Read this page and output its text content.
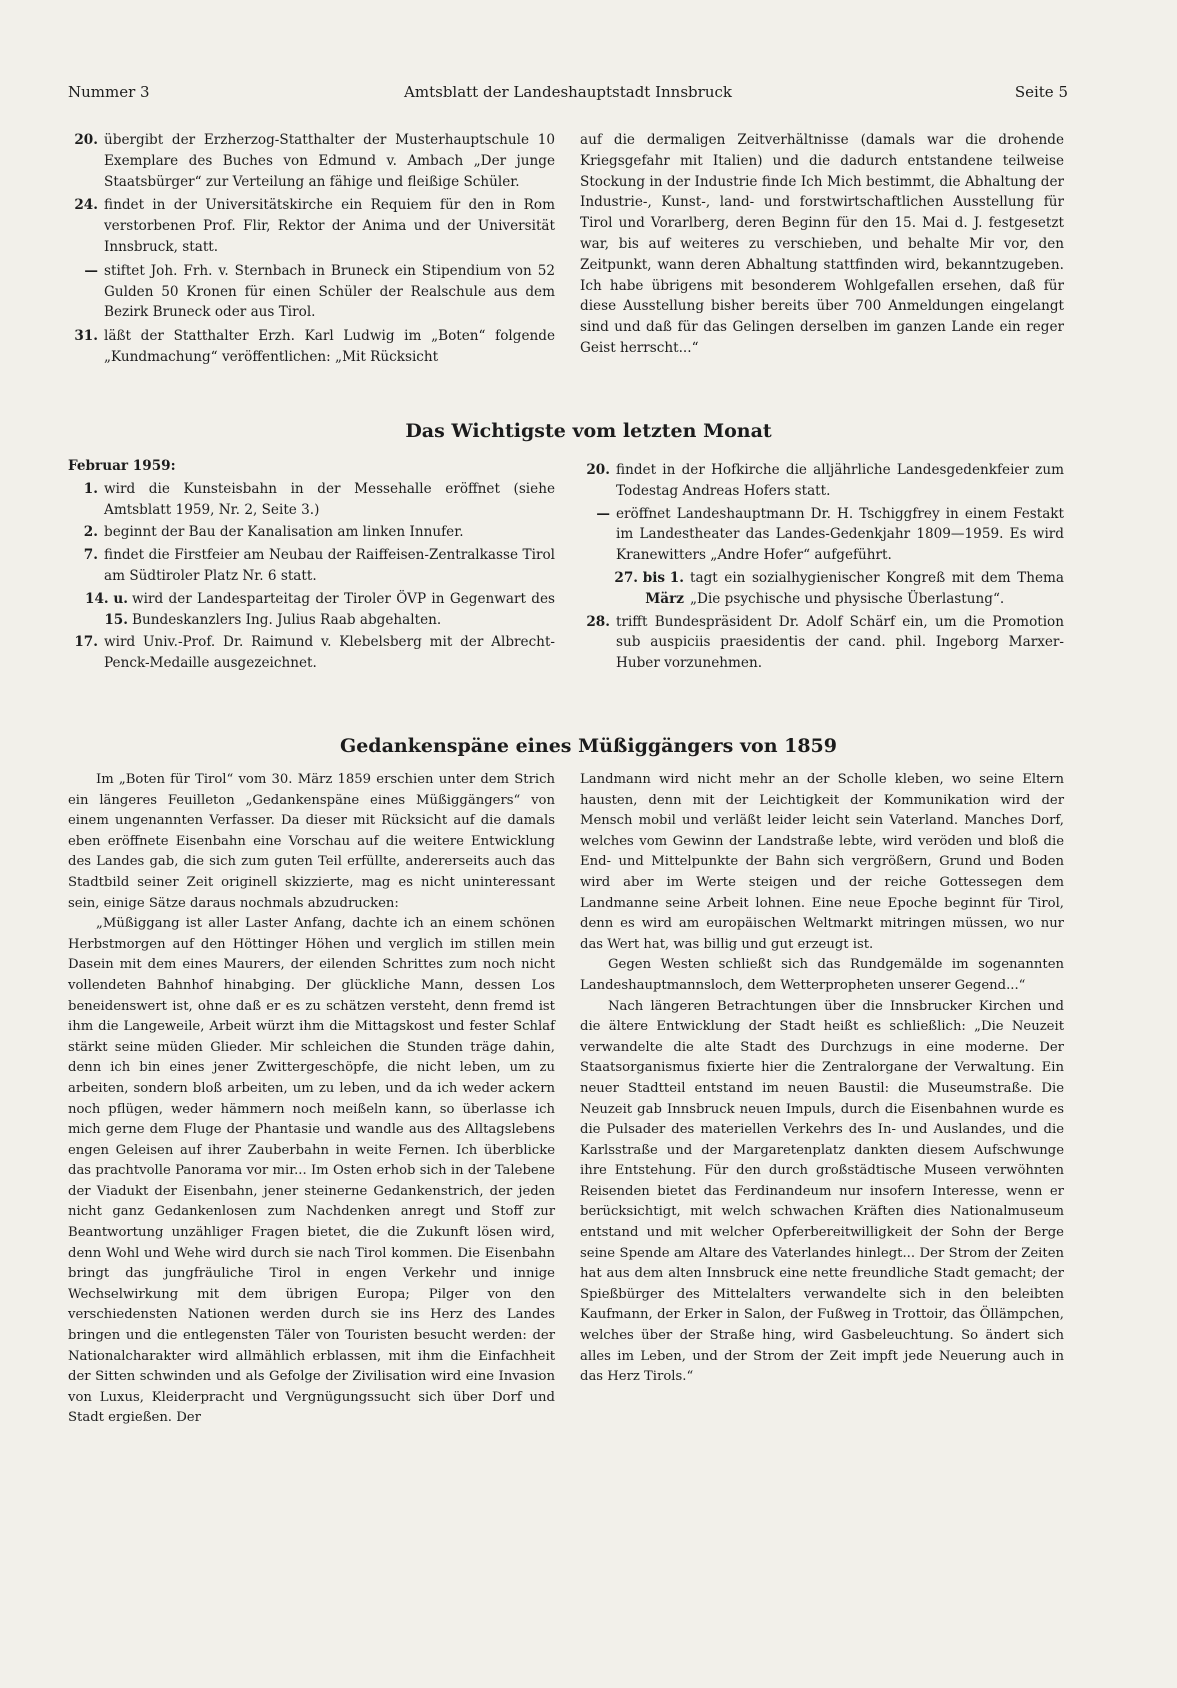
Nummer 3	Amtsblatt der Landeshauptstadt Innsbruck	Seite 5
20. übergibt der Erzherzog-Statthalter der Musterhauptschule 10 Exemplare des Buches von Edmund v. Ambach „Der junge Staatsbürger“ zur Verteilung an fähige und fleißige Schüler.
24. findet in der Universitätskirche ein Requiem für den in Rom verstorbenen Prof. Flir, Rektor der Anima und der Universität Innsbruck, statt.
— stiftet Joh. Frh. v. Sternbach in Bruneck ein Stipendium von 52 Gulden 50 Kronen für einen Schüler der Realschule aus dem Bezirk Bruneck oder aus Tirol.
31. läßt der Statthalter Erzh. Karl Ludwig im „Boten“ folgende „Kundmachung“ veröffentlichen: „Mit Rücksicht

auf die dermaligen Zeitverhältnisse (damals war die drohende Kriegsgefahr mit Italien) und die dadurch entstandene teilweise Stockung in der Industrie finde Ich Mich bestimmt, die Abhaltung der Industrie-, Kunst-, land- und forstwirtschaftlichen Ausstellung für Tirol und Vorarlberg, deren Beginn für den 15. Mai d. J. festgesetzt war, bis auf weiteres zu verschieben, und behalte Mir vor, den Zeitpunkt, wann deren Abhaltung stattfinden wird, bekanntzugeben. Ich habe übrigens mit besonderem Wohlgefallen ersehen, daß für diese Ausstellung bisher bereits über 700 Anmeldungen eingelangt sind und daß für das Gelingen derselben im ganzen Lande ein reger Geist herrscht...“

Das Wichtigste vom letzten Monat
Februar 1959:
1. wird die Kunsteisbahn in der Messehalle eröffnet (siehe Amtsblatt 1959, Nr. 2, Seite 3.)
2. beginnt der Bau der Kanalisation am linken Innufer.
7. findet die Firstfeier am Neubau der Raiffeisen-Zentralkasse Tirol am Südtiroler Platz Nr. 6 statt.
14. u. 15.
wird der Landesparteitag der Tiroler ÖVP in Gegenwart des Bundeskanzlers Ing. Julius Raab abgehalten.
17. wird Univ.-Prof. Dr. Raimund v. Klebelsberg mit der Albrecht-Penck-Medaille ausgezeichnet.
20. findet in der Hofkirche die alljährliche Landesgedenkfeier zum Todestag Andreas Hofers statt.
— eröffnet Landeshauptmann Dr. H. Tschiggfrey in einem Festakt im Landestheater das Landes-Gedenkjahr 1809—1959. Es wird Kranewitters „Andre Hofer“ aufgeführt.
27. bis 1. März
tagt ein sozialhygienischer Kongreß mit dem Thema „Die psychische und physische Überlastung“.
28. trifft Bundespräsident Dr. Adolf Schärf ein, um die Promotion sub auspiciis praesidentis der cand. phil. Ingeborg Marxer-Huber vorzunehmen.
Gedankenspäne eines Müßiggängers von 1859

Im „Boten für Tirol“ vom 30. März 1859 erschien unter dem Strich ein längeres Feuilleton „Gedankenspäne eines Müßiggängers“ von einem ungenannten Verfasser. Da dieser mit Rücksicht auf die damals eben eröffnete Eisenbahn eine Vorschau auf die weitere Entwicklung des Landes gab, die sich zum guten Teil erfüllte, andererseits auch das Stadtbild seiner Zeit originell skizzierte, mag es nicht uninteressant sein, einige Sätze daraus nochmals abzudrucken:

„Müßiggang ist aller Laster Anfang, dachte ich an einem schönen Herbstmorgen auf den Höttinger Höhen und verglich im stillen mein Dasein mit dem eines Maurers, der eilenden Schrittes zum noch nicht vollendeten Bahnhof hinabging. Der glückliche Mann, dessen Los beneidenswert ist, ohne daß er es zu schätzen versteht, denn fremd ist ihm die Langeweile, Arbeit würzt ihm die Mittagskost und fester Schlaf stärkt seine müden Glieder. Mir schleichen die Stunden träge dahin, denn ich bin eines jener Zwittergeschöpfe, die nicht leben, um zu arbeiten, sondern bloß arbeiten, um zu leben, und da ich weder ackern noch pflügen, weder hämmern noch meißeln kann, so überlasse ich mich gerne dem Fluge der Phantasie und wandle aus des Alltagslebens engen Geleisen auf ihrer Zauberbahn in weite Fernen. Ich überblicke das prachtvolle Panorama vor mir... Im Osten erhob sich in der Talebene der Viadukt der Eisenbahn, jener steinerne Gedankenstrich, der jeden nicht ganz Gedankenlosen zum Nachdenken anregt und Stoff zur Beantwortung unzähliger Fragen bietet, die die Zukunft lösen wird, denn Wohl und Wehe wird durch sie nach Tirol kommen. Die Eisenbahn bringt das jungfräuliche Tirol in engen Verkehr und innige Wechselwirkung mit dem übrigen Europa; Pilger von den verschiedensten Nationen werden durch sie ins Herz des Landes bringen und die entlegensten Täler von Touristen besucht werden: der Nationalcharakter wird allmählich erblassen, mit ihm die Einfachheit der Sitten schwinden und als Gefolge der Zivilisation wird eine Invasion von Luxus, Kleiderpracht und Vergnügungssucht sich über Dorf und Stadt ergießen. Der

Landmann wird nicht mehr an der Scholle kleben, wo seine Eltern hausten, denn mit der Leichtigkeit der Kommunikation wird der Mensch mobil und verläßt leider leicht sein Vaterland. Manches Dorf, welches vom Gewinn der Landstraße lebte, wird veröden und bloß die End- und Mittelpunkte der Bahn sich vergrößern, Grund und Boden wird aber im Werte steigen und der reiche Gottessegen dem Landmanne seine Arbeit lohnen. Eine neue Epoche beginnt für Tirol, denn es wird am europäischen Weltmarkt mitringen müssen, wo nur das Wert hat, was billig und gut erzeugt ist.

Gegen Westen schließt sich das Rundgemälde im sogenannten Landeshauptmannsloch, dem Wetterpropheten unserer Gegend...“

Nach längeren Betrachtungen über die Innsbrucker Kirchen und die ältere Entwicklung der Stadt heißt es schließlich: „Die Neuzeit verwandelte die alte Stadt des Durchzugs in eine moderne. Der Staatsorganismus fixierte hier die Zentralorgane der Verwaltung. Ein neuer Stadtteil entstand im neuen Baustil: die Museumstraße. Die Neuzeit gab Innsbruck neuen Impuls, durch die Eisenbahnen wurde es die Pulsader des materiellen Verkehrs des In- und Auslandes, und die Karlsstraße und der Margaretenplatz dankten diesem Aufschwunge ihre Entstehung. Für den durch großstädtische Museen verwöhnten Reisenden bietet das Ferdinandeum nur insofern Interesse, wenn er berücksichtigt, mit welch schwachen Kräften dies Nationalmuseum entstand und mit welcher Opferbereitwilligkeit der Sohn der Berge seine Spende am Altare des Vaterlandes hinlegt... Der Strom der Zeiten hat aus dem alten Innsbruck eine nette freundliche Stadt gemacht; der Spießbürger des Mittelalters verwandelte sich in den beleibten Kaufmann, der Erker in Salon, der Fußweg in Trottoir, das Öllämpchen, welches über der Straße hing, wird Gasbeleuchtung. So ändert sich alles im Leben, und der Strom der Zeit impft jede Neuerung auch in das Herz Tirols.“
